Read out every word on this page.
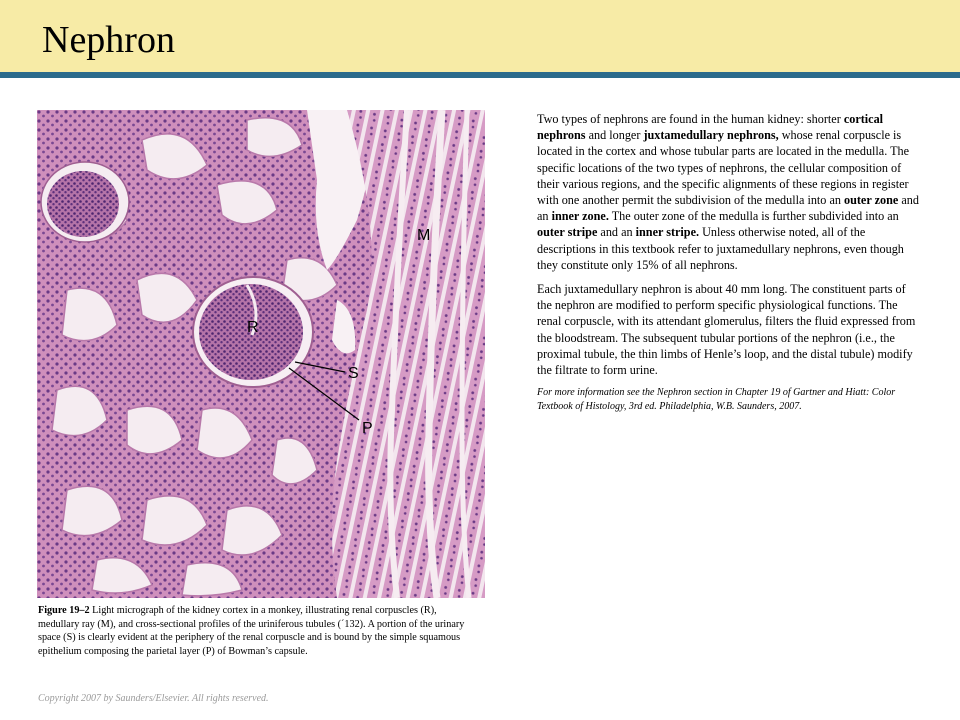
Nephron
M
R
S
P
Figure 19–2 Light micrograph of the kidney cortex in a monkey, illustrating renal corpuscles (R), medullary ray (M), and cross-sectional profiles of the uriniferous tubules (´132). A portion of the urinary space (S) is clearly evident at the periphery of the renal corpuscle and is bound by the simple squamous epithelium composing the parietal layer (P) of Bowman’s capsule.
Copyright 2007 by Saunders/Elsevier. All rights reserved.

Two types of nephrons are found in the human kidney: shorter cortical nephrons and longer juxtamedullary nephrons, whose renal corpuscle is located in the cortex and whose tubular parts are located in the medulla. The specific locations of the two types of nephrons, the cellular composition of their various regions, and the specific alignments of these regions in register with one another permit the subdivision of the medulla into an outer zone and an inner zone. The outer zone of the medulla is further subdivided into an outer stripe and an inner stripe. Unless otherwise noted, all of the descriptions in this textbook refer to juxtamedullary nephrons, even though they constitute only 15% of all nephrons.

Each juxtamedullary nephron is about 40 mm long. The constituent parts of the nephron are modified to perform specific physiological functions. The renal corpuscle, with its attendant glomerulus, filters the fluid expressed from the bloodstream. The subsequent tubular portions of the nephron (i.e., the proximal tubule, the thin limbs of Henle’s loop, and the distal tubule) modify the filtrate to form urine.

For more information see the Nephron section in Chapter 19 of Gartner and Hiatt: Color Textbook of Histology, 3rd ed. Philadelphia, W.B. Saunders, 2007.
